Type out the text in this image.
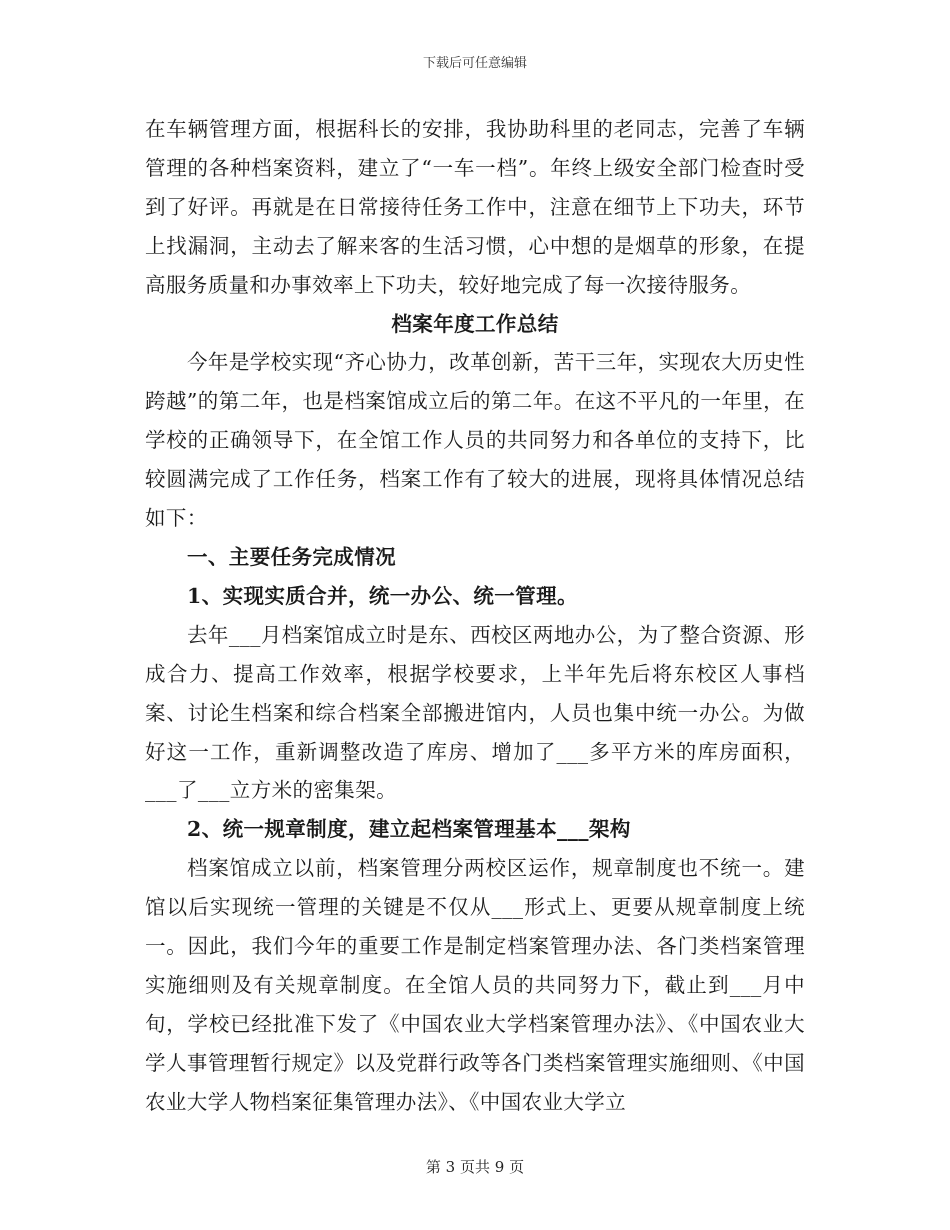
下载后可任意编辑

在车辆管理方面，根据科长的安排，我协助科里的老同志，完善了车辆管理的各种档案资料，建立了“一车一档”。年终上级安全部门检查时受到了好评。再就是在日常接待任务工作中，注意在细节上下功夫，环节上找漏洞，主动去了解来客的生活习惯，心中想的是烟草的形象，在提高服务质量和办事效率上下功夫，较好地完成了每一次接待服务。

档案年度工作总结

今年是学校实现“齐心协力，改革创新，苦干三年，实现农大历史性跨越”的第二年，也是档案馆成立后的第二年。在这不平凡的一年里，在学校的正确领导下，在全馆工作人员的共同努力和各单位的支持下，比较圆满完成了工作任务，档案工作有了较大的进展，现将具体情况总结如下：

一、主要任务完成情况

1、实现实质合并，统一办公、统一管理。

去年___月档案馆成立时是东、西校区两地办公，为了整合资源、形成合力、提高工作效率，根据学校要求，上半年先后将东校区人事档案、讨论生档案和综合档案全部搬进馆内，人员也集中统一办公。为做好这一工作，重新调整改造了库房、增加了___多平方米的库房面积，___了___立方米的密集架。

2、统一规章制度，建立起档案管理基本___架构

档案馆成立以前，档案管理分两校区运作，规章制度也不统一。建馆以后实现统一管理的关键是不仅从___形式上、更要从规章制度上统一。因此，我们今年的重要工作是制定档案管理办法、各门类档案管理实施细则及有关规章制度。在全馆人员的共同努力下，截止到___月中旬，学校已经批准下发了《中国农业大学档案管理办法》、《中国农业大学人事管理暂行规定》以及党群行政等各门类档案管理实施细则、《中国农业大学人物档案征集管理办法》、《中国农业大学立

第 3 页共 9 页
